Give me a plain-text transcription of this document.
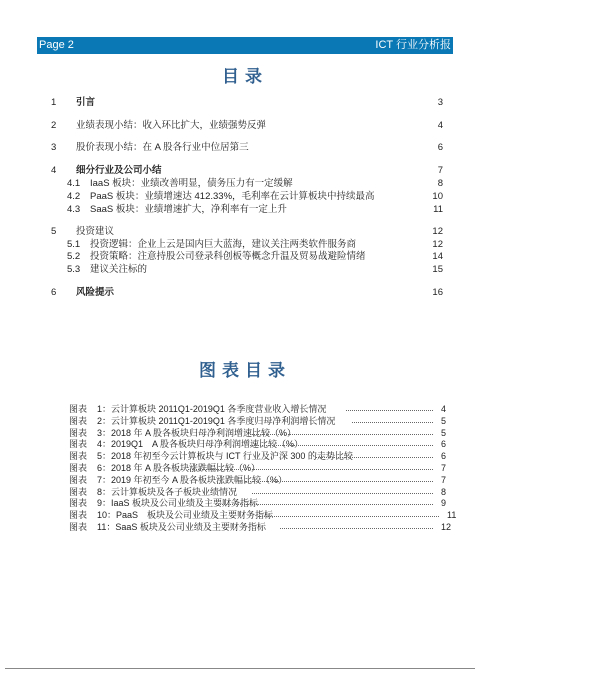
Page 2	ICT 行业分析报
目录
1 引言	3
2 业绩表现小结：收入环比扩大，业绩强势反弹	4
3 股价表现小结：在 A 股各行业中位居第三	6
4 细分行业及公司小结	7
4.1 IaaS 板块：业绩改善明显，债务压力有一定缓解	8
4.2 PaaS 板块：业绩增速达 412.33%，毛利率在云计算板块中持续最高	10
4.3 SaaS 板块：业绩增速扩大，净利率有一定上升	11
5 投资建议	12
5.1 投资逻辑：企业上云是国内巨大蓝海，建议关注两类软件服务商	12
5.2 投资策略：注意持股公司登录科创板等概念升温及贸易战避险情绪	14
5.3 建议关注标的	15
6 风险提示	16
图表目录
图表 1：云计算板块 2011Q1-2019Q1 各季度营业收入增长情况	4
图表 2：云计算板块 2011Q1-2019Q1 各季度归母净利润增长情况	5
图表 3：2018 年 A 股各板块归母净利润增速比较（%）	5
图表 4：2019Q1　A 股各板块归母净利润增速比较（%）	6
图表 5：2018 年初至今云计算板块与 ICT 行业及沪深 300 的走势比较	6
图表 6：2018 年 A 股各板块涨跌幅比较（%）	7
图表 7：2019 年初至今 A 股各板块涨跌幅比较（%）	7
图表 8：云计算板块及各子板块业绩情况	8
图表 9：IaaS 板块及公司业绩及主要财务指标	9
图表 10：PaaS　板块及公司业绩及主要财务指标	11
图表 11：SaaS 板块及公司业绩及主要财务指标	12
